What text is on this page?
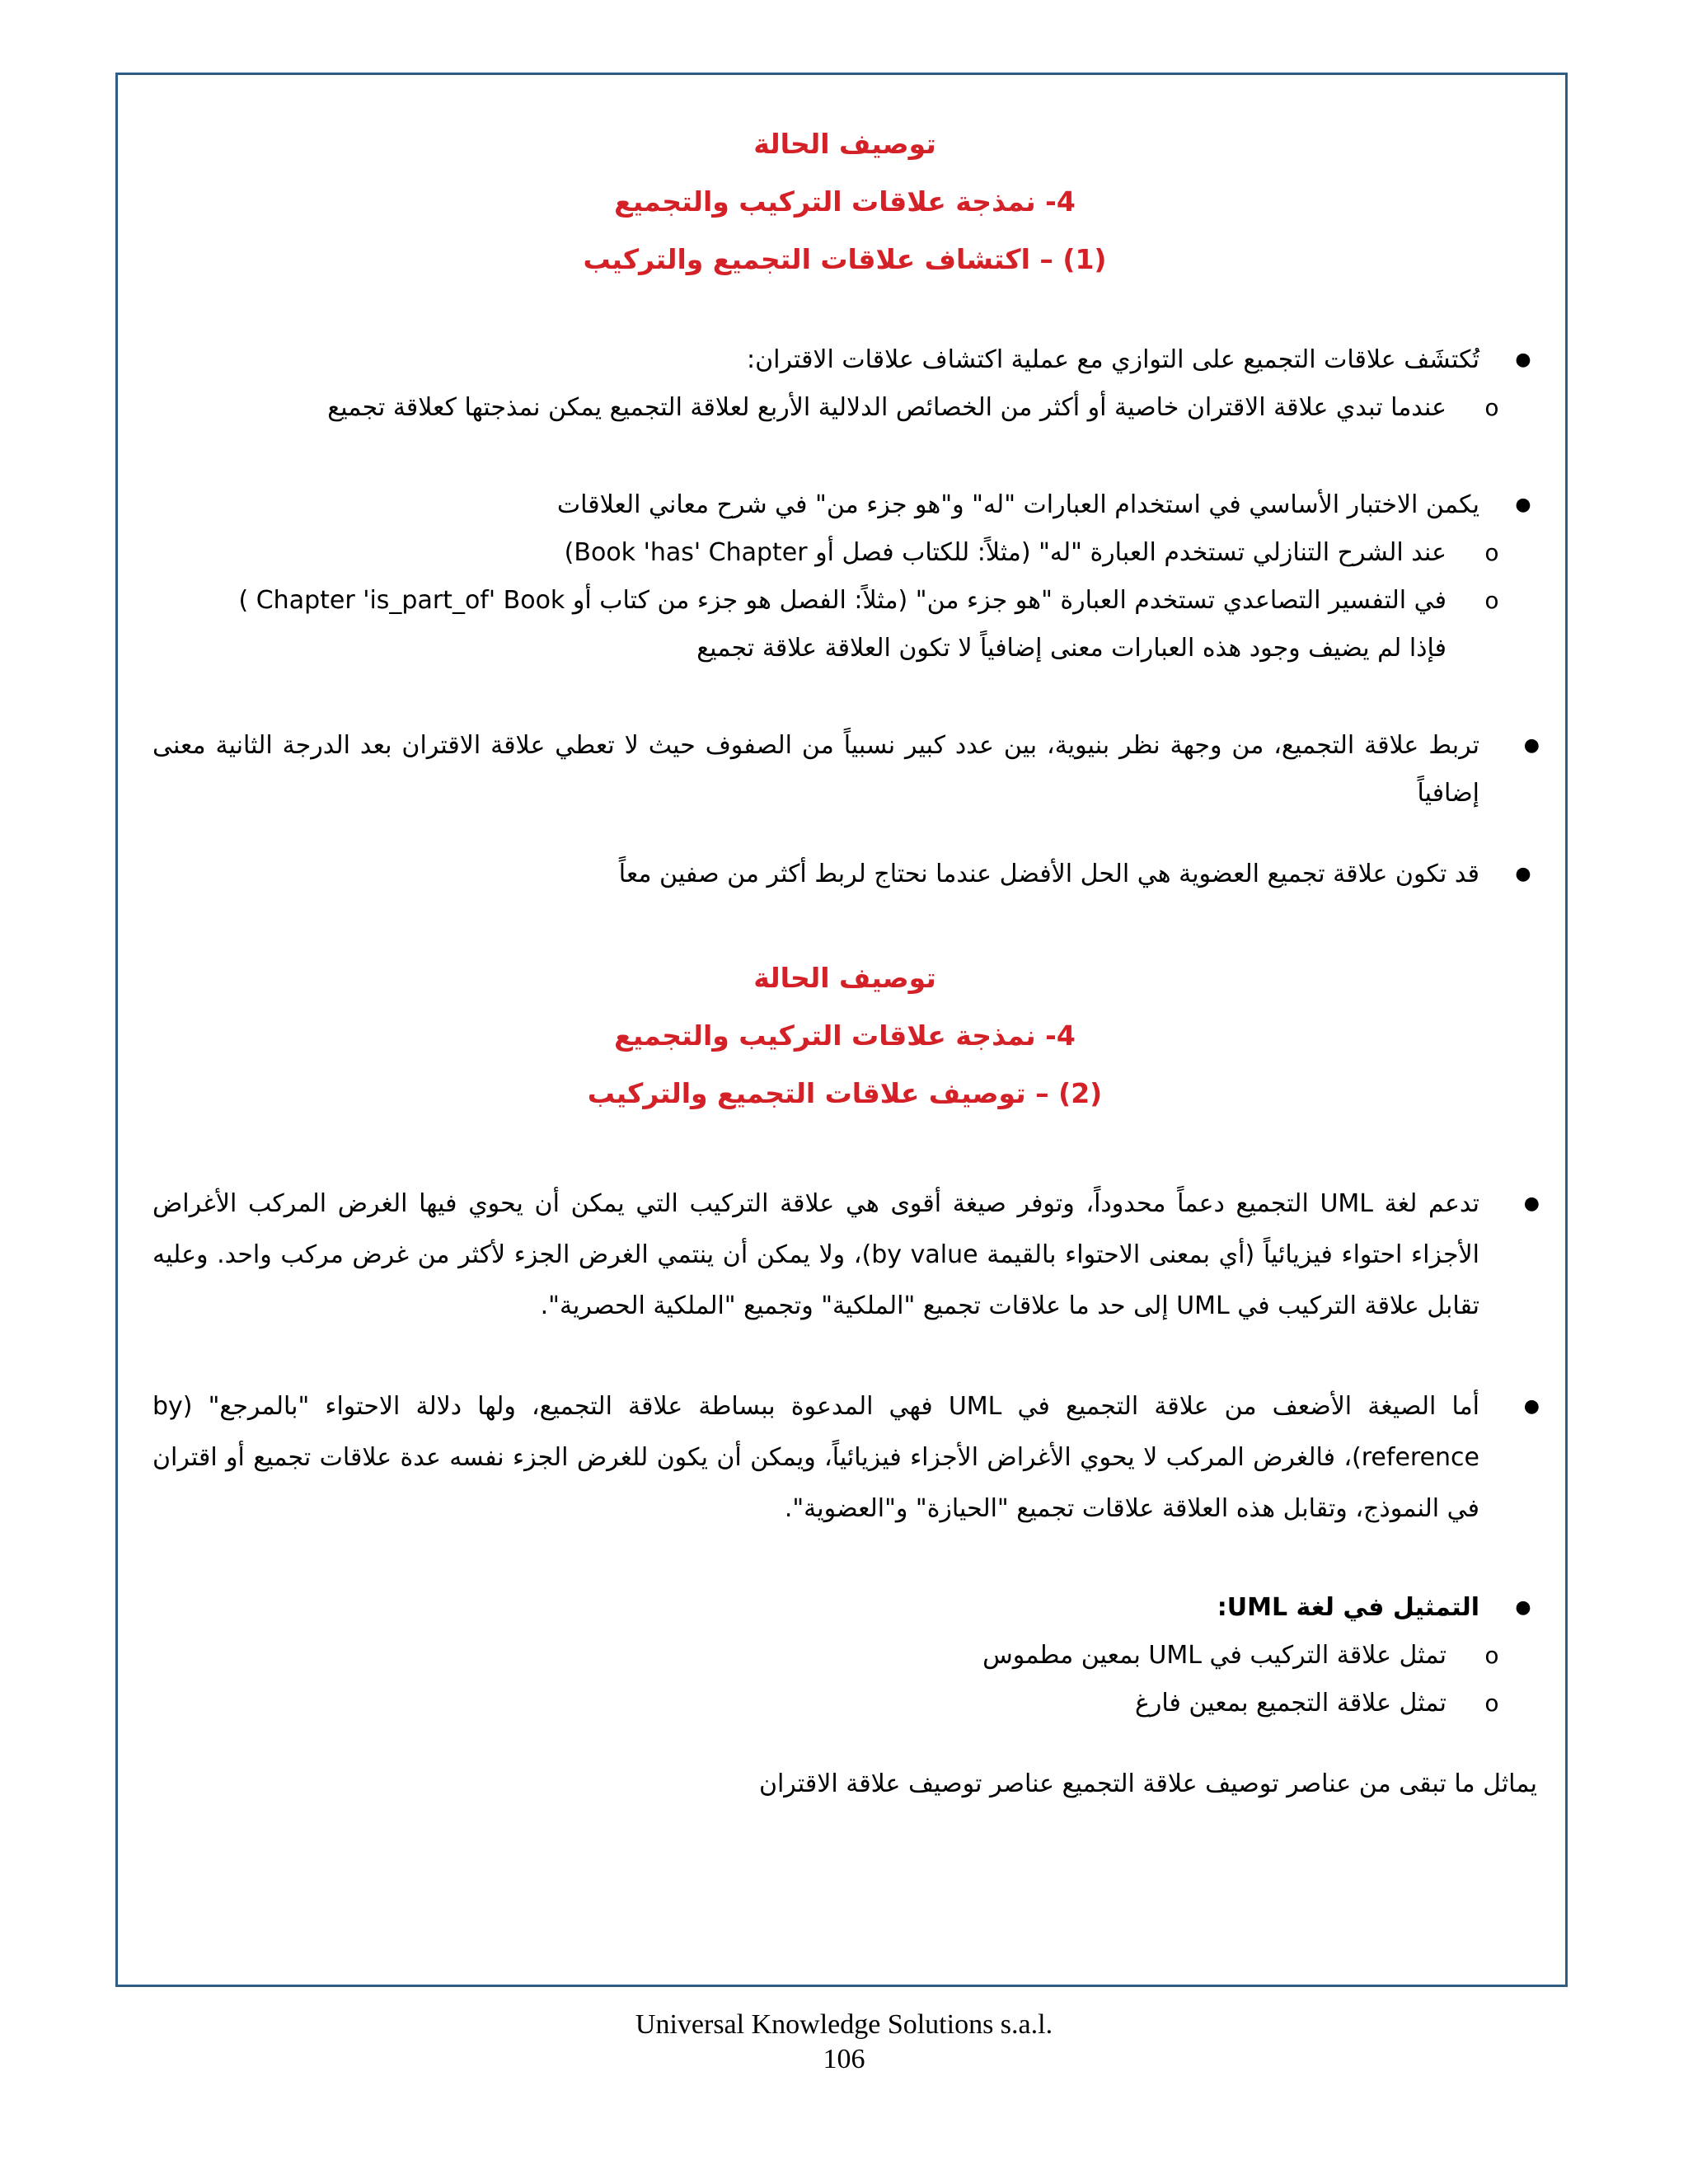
توصيف الحالة

4- نمذجة علاقات التركيب والتجميع

(1) – اكتشاف علاقات التجميع والتركيب

●
تُكتشَف علاقات التجميع على التوازي مع عملية اكتشاف علاقات الاقتران:

o
عندما تبدي علاقة الاقتران خاصية أو أكثر من الخصائص الدلالية الأربع لعلاقة التجميع يمكن نمذجتها كعلاقة تجميع

●
يكمن الاختبار الأساسي في استخدام العبارات "له" و"هو جزء من" في شرح معاني العلاقات

o
عند الشرح التنازلي تستخدم العبارة "له" (مثلاً: للكتاب فصل أو Book 'has' Chapter)

o
في التفسير التصاعدي تستخدم العبارة "هو جزء من" (مثلاً: الفصل هو جزء من كتاب أو Chapter 'is_part_of' Book )

فإذا لم يضيف وجود هذه العبارات معنى إضافياً لا تكون العلاقة علاقة تجميع

●
تربط علاقة التجميع، من وجهة نظر بنيوية، بين عدد كبير نسبياً من الصفوف حيث لا تعطي علاقة الاقتران بعد الدرجة الثانية معنى إضافياً

●
قد تكون علاقة تجميع العضوية هي الحل الأفضل عندما نحتاج لربط أكثر من صفين معاً

توصيف الحالة

4- نمذجة علاقات التركيب والتجميع

(2) – توصيف علاقات التجميع والتركيب

●
تدعم لغة UML التجميع دعماً محدوداً، وتوفر صيغة أقوى هي علاقة التركيب التي يمكن أن يحوي فيها الغرض المركب الأغراض الأجزاء احتواء فيزيائياً (أي بمعنى الاحتواء بالقيمة by value)، ولا يمكن أن ينتمي الغرض الجزء لأكثر من غرض مركب واحد. وعليه تقابل علاقة التركيب في UML إلى حد ما علاقات تجميع "الملكية" وتجميع "الملكية الحصرية".

●
أما الصيغة الأضعف من علاقة التجميع في UML فهي المدعوة ببساطة علاقة التجميع، ولها دلالة الاحتواء "بالمرجع" (by reference)، فالغرض المركب لا يحوي الأغراض الأجزاء فيزيائياً، ويمكن أن يكون للغرض الجزء نفسه عدة علاقات تجميع أو اقتران في النموذج، وتقابل هذه العلاقة علاقات تجميع "الحيازة" و"العضوية".

●
التمثيل في لغة UML:

o
تمثل علاقة التركيب في UML بمعين مطموس

o
تمثل علاقة التجميع بمعين فارغ

يماثل ما تبقى من عناصر توصيف علاقة التجميع عناصر توصيف علاقة الاقتران

Universal Knowledge Solutions s.a.l.
106
